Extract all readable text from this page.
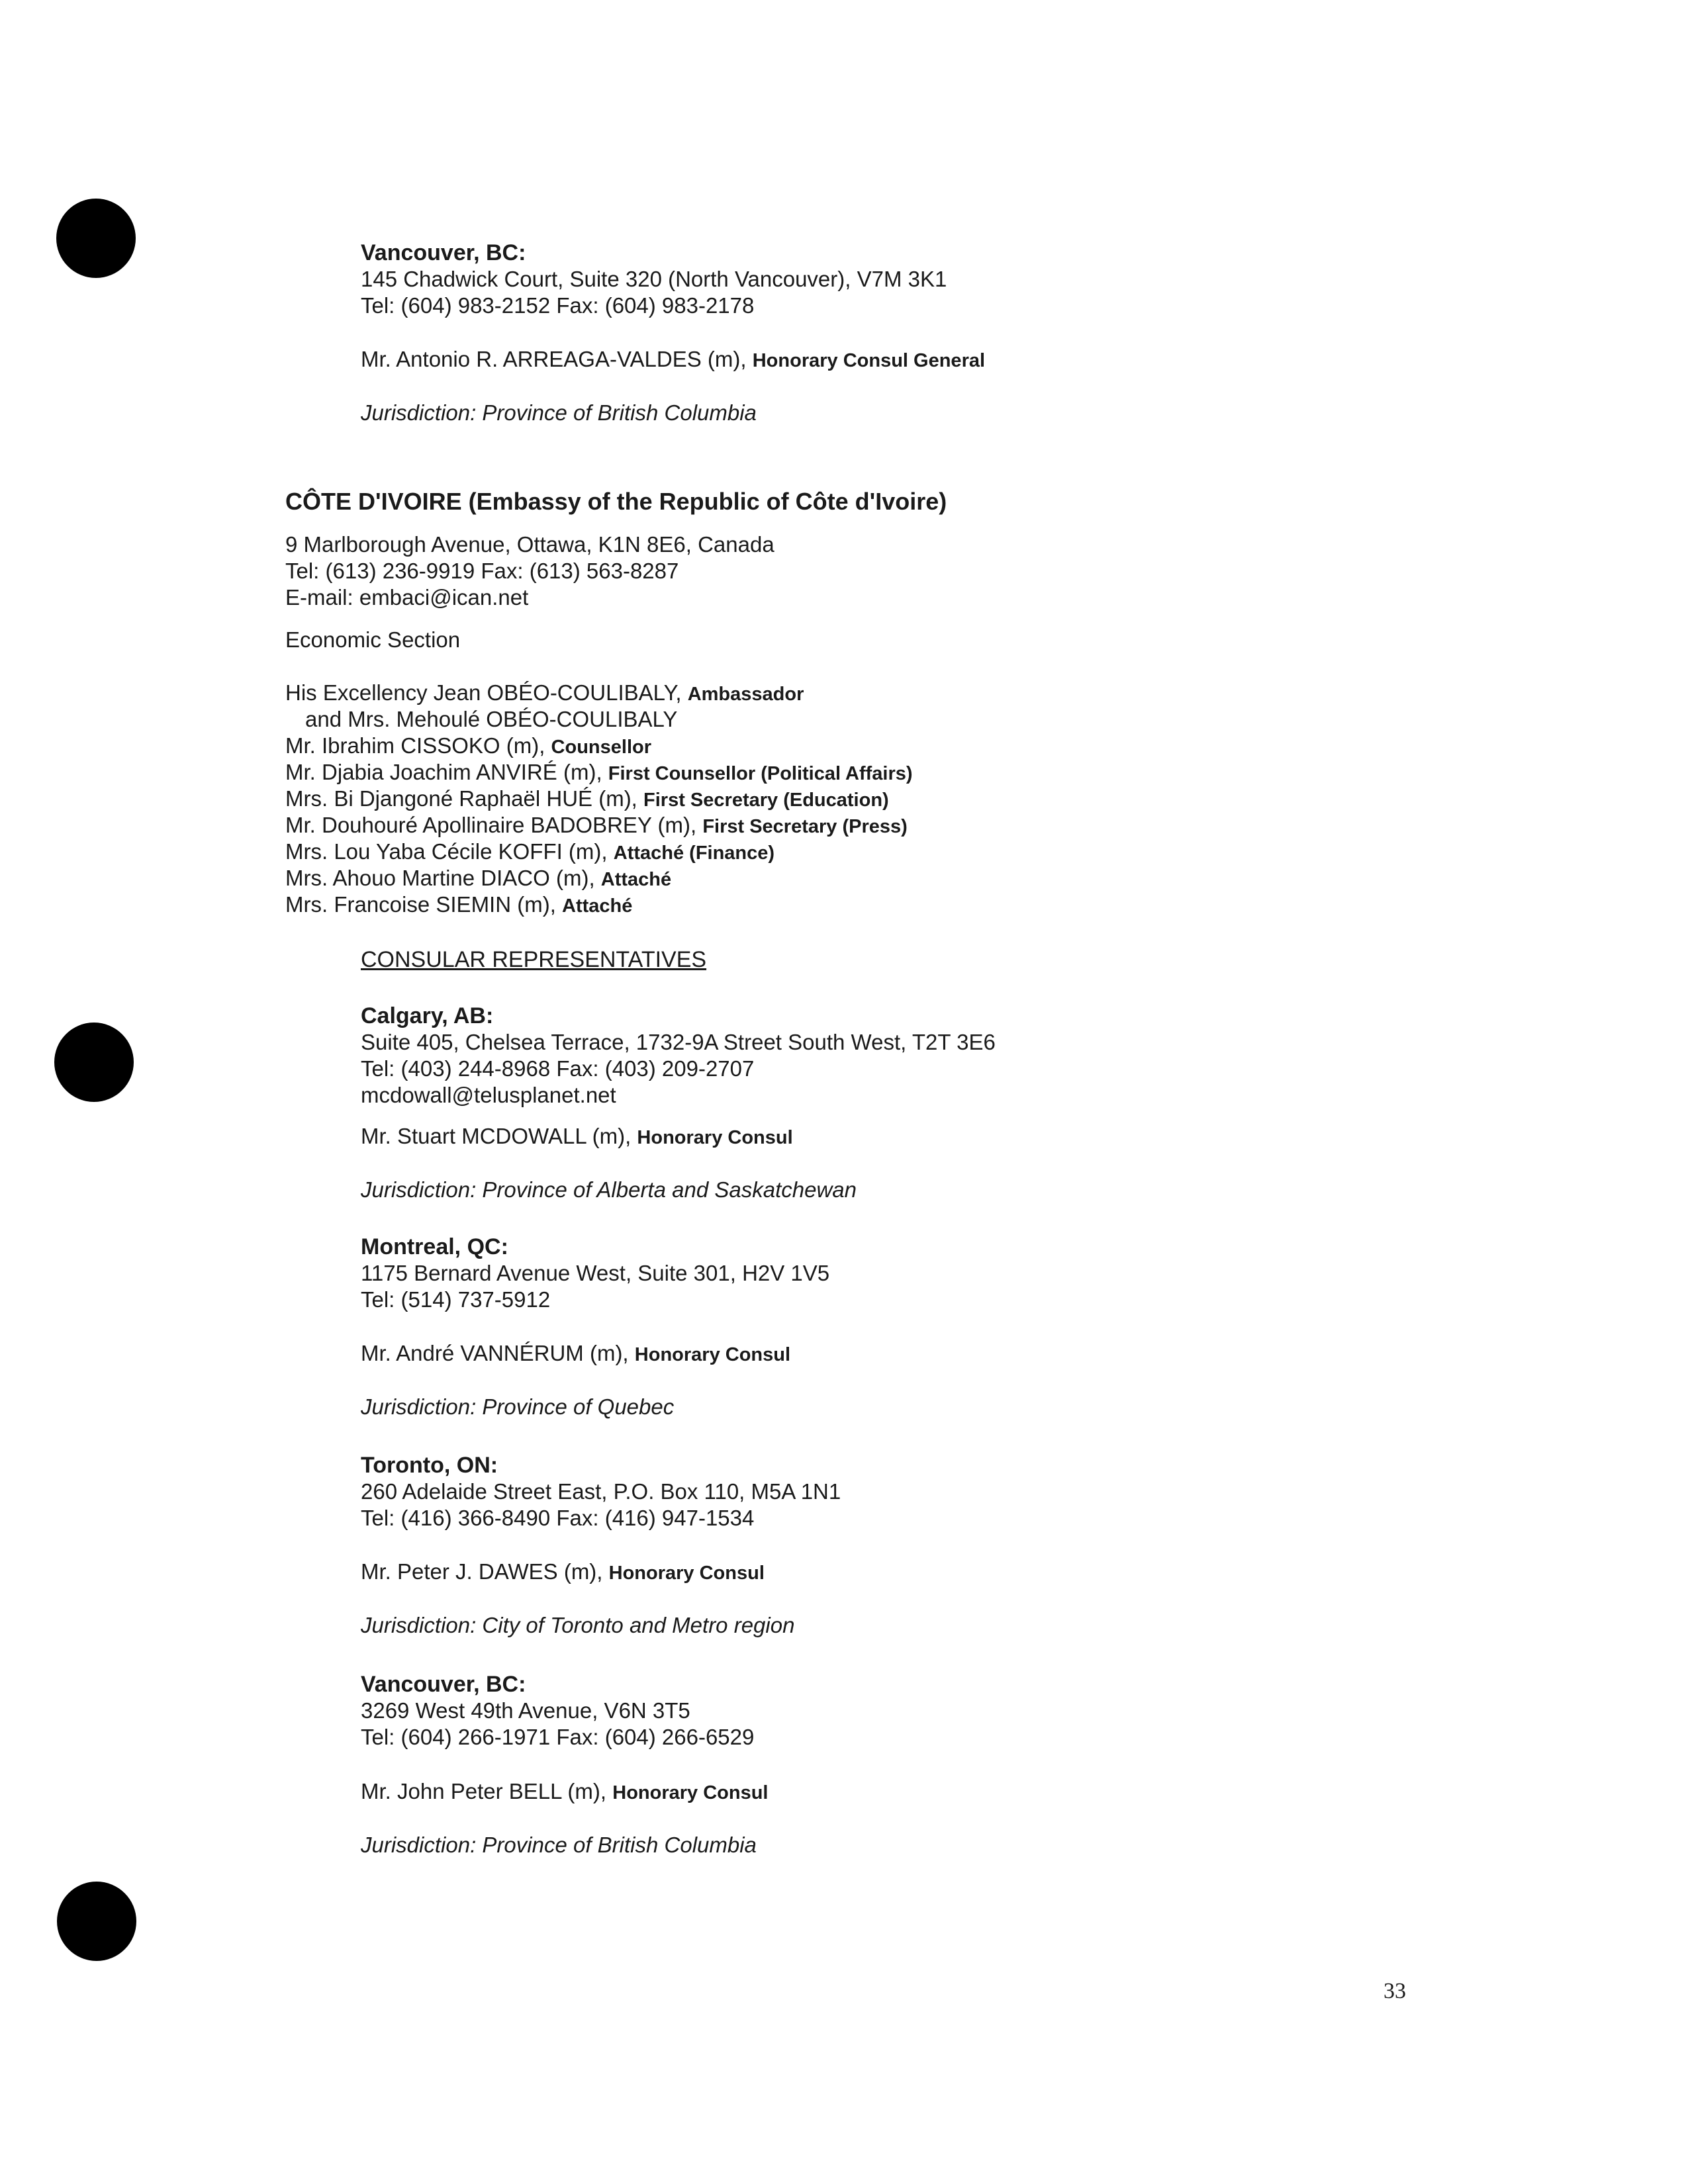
Vancouver, BC:
145 Chadwick Court, Suite 320 (North Vancouver), V7M 3K1
Tel: (604) 983-2152 Fax: (604) 983-2178
Mr. Antonio R. ARREAGA-VALDES (m), Honorary Consul General
Jurisdiction: Province of British Columbia
CÔTE D'IVOIRE (Embassy of the Republic of Côte d'Ivoire)
9 Marlborough Avenue, Ottawa, K1N 8E6, Canada
Tel: (613) 236-9919 Fax: (613) 563-8287
E-mail: embaci@ican.net
Economic Section
His Excellency Jean OBÉO-COULIBALY, Ambassador
and Mrs. Mehoulé OBÉO-COULIBALY
Mr. Ibrahim CISSOKO (m), Counsellor
Mr. Djabia Joachim ANVIRÉ (m), First Counsellor (Political Affairs)
Mrs. Bi Djangoné Raphaël HUÉ (m), First Secretary (Education)
Mr. Douhouré Apollinaire BADOBREY (m), First Secretary (Press)
Mrs. Lou Yaba Cécile KOFFI (m), Attaché (Finance)
Mrs. Ahouo Martine DIACO (m), Attaché
Mrs. Francoise SIEMIN (m), Attaché
CONSULAR REPRESENTATIVES
Calgary, AB:
Suite 405, Chelsea Terrace, 1732-9A Street South West, T2T 3E6
Tel: (403) 244-8968 Fax: (403) 209-2707
mcdowall@telusplanet.net
Mr. Stuart MCDOWALL (m), Honorary Consul
Jurisdiction: Province of Alberta and Saskatchewan
Montreal, QC:
1175 Bernard Avenue West, Suite 301, H2V 1V5
Tel: (514) 737-5912
Mr. André VANNÉRUM (m), Honorary Consul
Jurisdiction: Province of Quebec
Toronto, ON:
260 Adelaide Street East, P.O. Box 110, M5A 1N1
Tel: (416) 366-8490 Fax: (416) 947-1534
Mr. Peter J. DAWES (m), Honorary Consul
Jurisdiction: City of Toronto and Metro region
Vancouver, BC:
3269 West 49th Avenue, V6N 3T5
Tel: (604) 266-1971 Fax: (604) 266-6529
Mr. John Peter BELL (m), Honorary Consul
Jurisdiction: Province of British Columbia
33
